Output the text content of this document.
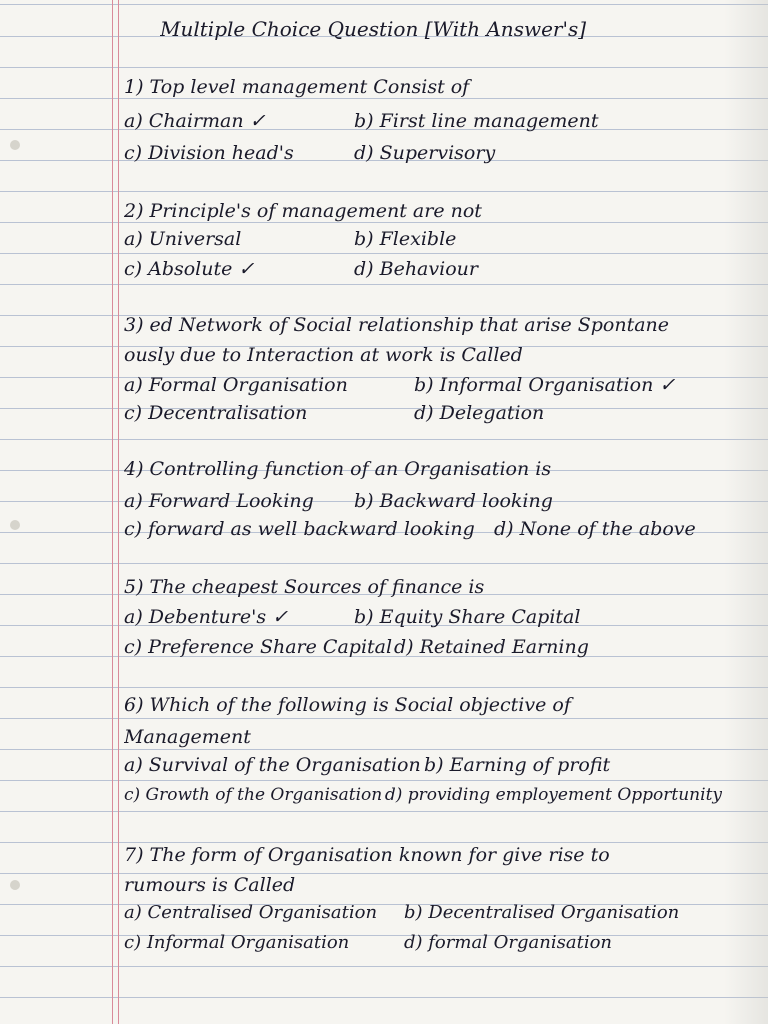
Multiple Choice Question [With Answer's]
1) Top level management Consist of
a) Chairman ✓	b) First line management
c) Division head's	d) Supervisory
2) Principle's of management are not
a) Universal	b) Flexible
c) Absolute ✓	d) Behaviour
3) ed Network of Social relationship that arise Spontane
ously due to Interaction at work is Called
a) Formal Organisation	b) Informal Organisation ✓
c) Decentralisation	d) Delegation
4) Controlling function of an Organisation is
a) Forward Looking	b) Backward looking
c) forward as well backward looking	d) None of the above
5) The cheapest Sources of finance is
a) Debenture's ✓	b) Equity Share Capital
c) Preference Share Capital d) Retained Earning
6) Which of the following is Social objective of
Management
a) Survival of the Organisation b) Earning of profit
c) Growth of the Organisation d) providing employement Opportunity
7) The form of Organisation known for give rise to
rumours is Called
a) Centralised Organisation	b) Decentralised Organisation
c) Informal Organisation	d) formal Organisation
